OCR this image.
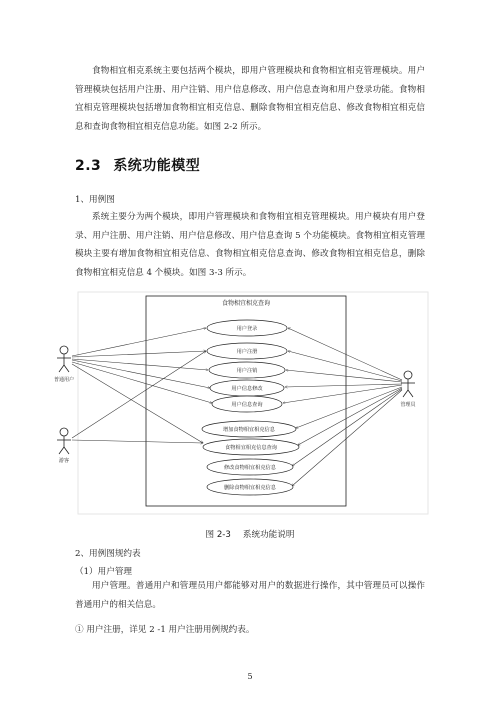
食物相宜相克系统主要包括两个模块，即用户管理模块和食物相宜相克管理模块。用户管理模块包括用户注册、用户注销、用户信息修改、用户信息查询和用户登录功能。食物相宜相克管理模块包括增加食物相宜相克信息、删除食物相宜相克信息、修改食物相宜相克信息和查询食物相宜相克信息功能。如图 2-2 所示。

2.3 系统功能模型
1、用例图

系统主要分为两个模块，即用户管理模块和食物相宜相克管理模块。用户模块有用户登录、用户注册、用户注销、用户信息修改、用户信息查询 5 个功能模块。食物相宜相克管理模块主要有增加食物相宜相克信息、食物相宜相克信息查询、修改食物相宜相克信息，删除食物相宜相克信息 4 个模块。如图 3-3 所示。

食物相宜相克查询
普通用户
游客
管理员
用户登录
用户注册
用户注销
用户信息修改
用户信息查询
增加食物相宜相克信息
食物相宜相克信息查询
修改食物相宜相克信息
删除食物相宜相克信息
图 2-3 系统功能说明
2、用例图规约表
（1）用户管理

用户管理。普通用户和管理员用户都能够对用户的数据进行操作，其中管理员可以操作普通用户的相关信息。

① 用户注册，详见 2 -1 用户注册用例规约表。
5
